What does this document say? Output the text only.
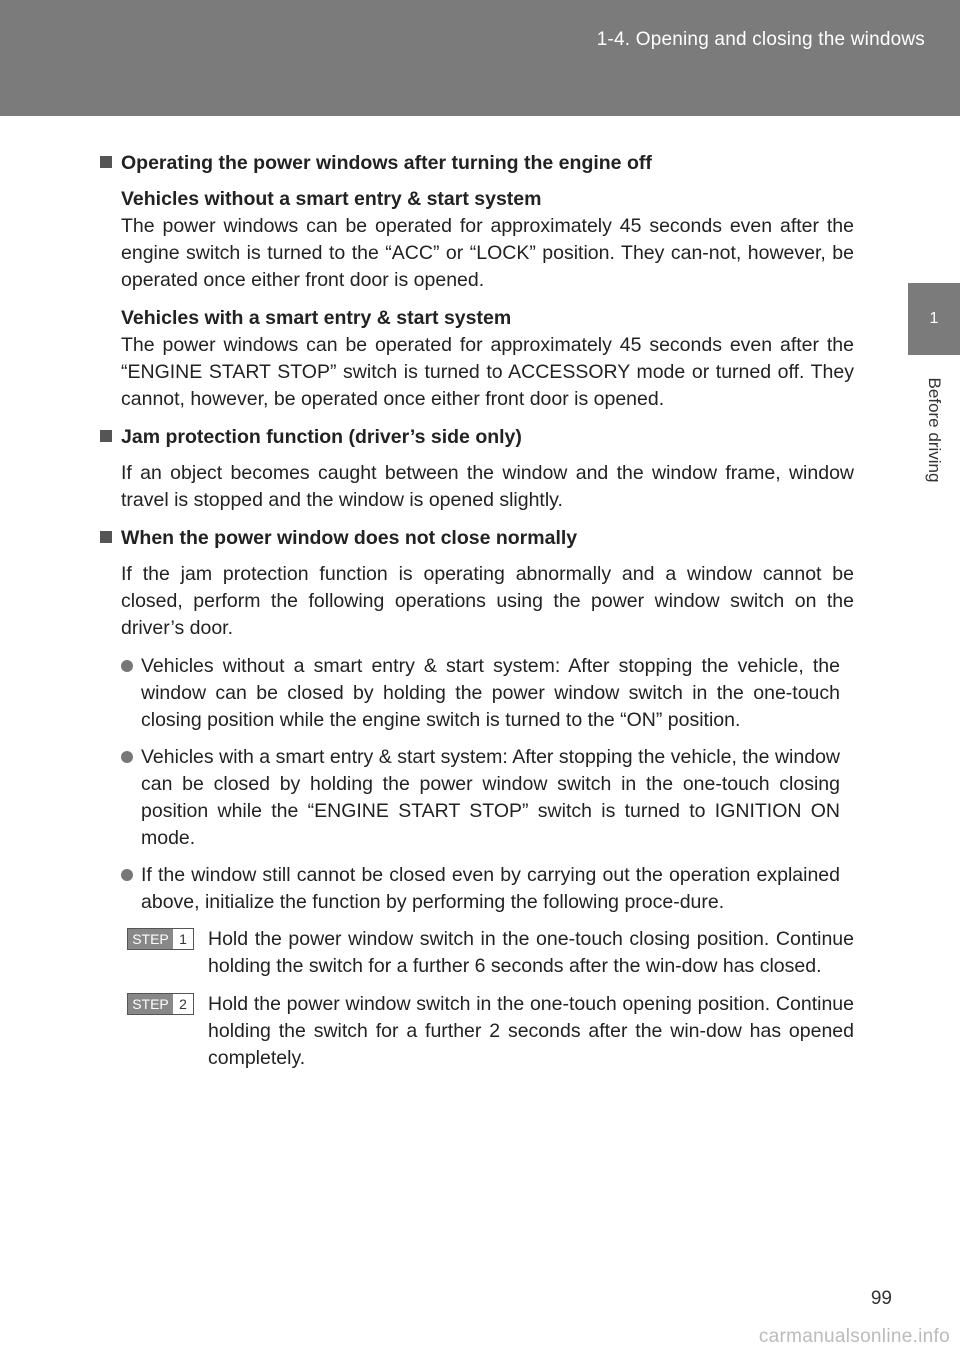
1-4. Opening and closing the windows
1
Before driving
Operating the power windows after turning the engine off

Vehicles without a smart entry & start system

The power windows can be operated for approximately 45 seconds even after the engine switch is turned to the “ACC” or “LOCK” position. They can-not, however, be operated once either front door is opened.

Vehicles with a smart entry & start system

The power windows can be operated for approximately 45 seconds even after the “ENGINE START STOP” switch is turned to ACCESSORY mode or turned off. They cannot, however, be operated once either front door is opened.

Jam protection function (driver’s side only)

If an object becomes caught between the window and the window frame, window travel is stopped and the window is opened slightly.

When the power window does not close normally

If the jam protection function is operating abnormally and a window cannot be closed, perform the following operations using the power window switch on the driver’s door.

Vehicles without a smart entry & start system: After stopping the vehicle, the window can be closed by holding the power window switch in the one-touch closing position while the engine switch is turned to the “ON” position.
Vehicles with a smart entry & start system: After stopping the vehicle, the window can be closed by holding the power window switch in the one-touch closing position while the “ENGINE START STOP” switch is turned to IGNITION ON mode.
If the window still cannot be closed even by carrying out the operation explained above, initialize the function by performing the following proce-dure.
STEP 1	Hold the power window switch in the one-touch closing position. Continue holding the switch for a further 6 seconds after the win-dow has closed.
STEP 2	Hold the power window switch in the one-touch opening position. Continue holding the switch for a further 2 seconds after the win-dow has opened completely.
99
carmanualsonline.info
